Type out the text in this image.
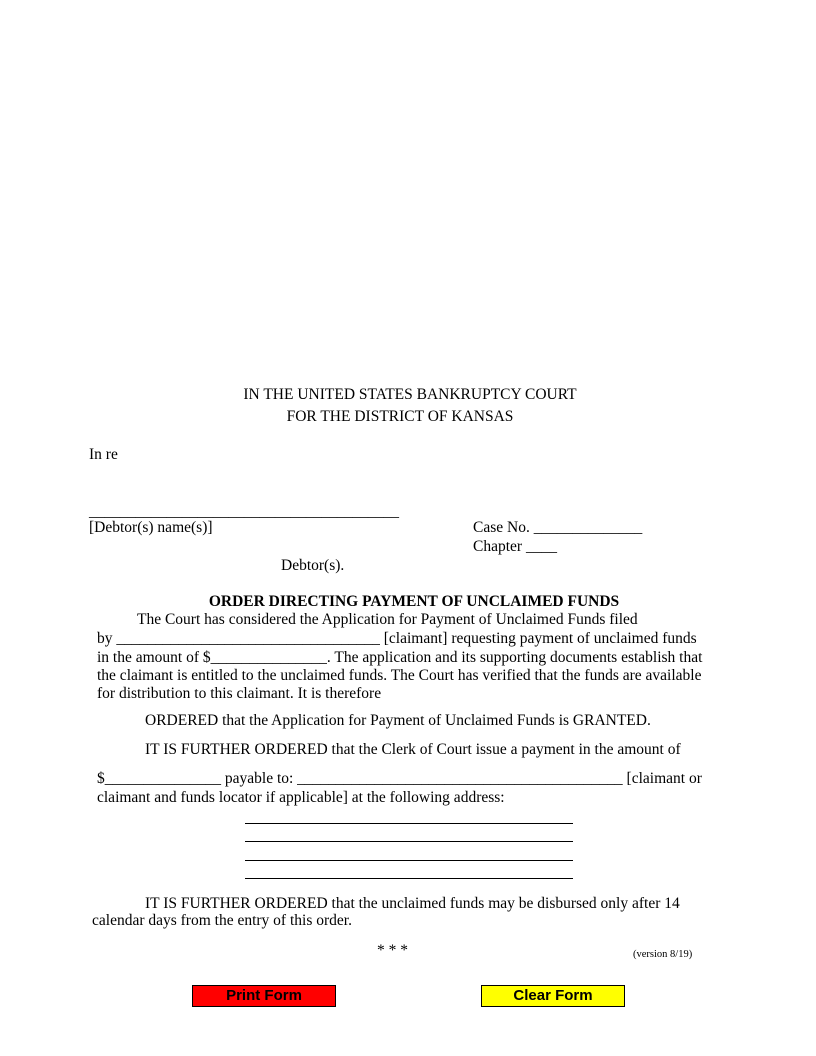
IN THE UNITED STATES BANKRUPTCY COURT
FOR THE DISTRICT OF KANSAS
In re
________________________________________
[Debtor(s) name(s)]	Case No. ______________
Chapter ____
Debtor(s).
ORDER DIRECTING PAYMENT OF UNCLAIMED FUNDS
The Court has considered the Application for Payment of Unclaimed Funds filed
by __________________________________ [claimant] requesting payment of unclaimed funds
in the amount of $_______________. The application and its supporting documents establish that
the claimant is entitled to the unclaimed funds. The Court has verified that the funds are available
for distribution to this claimant. It is therefore
ORDERED that the Application for Payment of Unclaimed Funds is GRANTED.
IT IS FURTHER ORDERED that the Clerk of Court issue a payment in the amount of
$_______________ payable to: __________________________________________ [claimant or
claimant and funds locator if applicable] at the following address:
IT IS FURTHER ORDERED that the unclaimed funds may be disbursed only after 14
calendar days from the entry of this order.
* * *	(version 8/19)
Print Form	Clear Form
